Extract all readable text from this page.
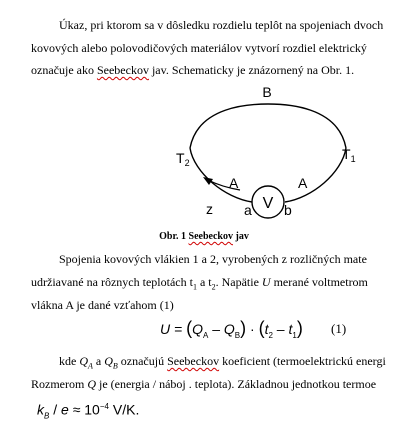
Úkaz, pri ktorom sa v dôsledku rozdielu teplôt na spojeniach dvoch
kovových alebo polovodičových materiálov vytvorí rozdiel elektrický
označuje ako Seebeckov jav. Schematicky je znázornený na Obr. 1.
V
B
$T_2$
$T_1$
A	A
z a b
Obr. 1 Seebeckov jav
Spojenia kovových vlákien 1 a 2, vyrobených z rozličných mate
udržiavané na rôznych teplotách $t_1$ a $t_2$. Napätie U merané voltmetrom
vlákna A je dané vzťahom (1)
$U = (Q_A - Q_B) \cdot (t_2 - t_1)$ (1)
kde $Q_A$ a $Q_B$ označujú Seebeckov koeficient (termoelektrickú energi
Rozmerom Q je (energia / náboj . teplota). Základnou jednotkou termoe
$k_B / e \approx 10^{-4}$ V/K.
